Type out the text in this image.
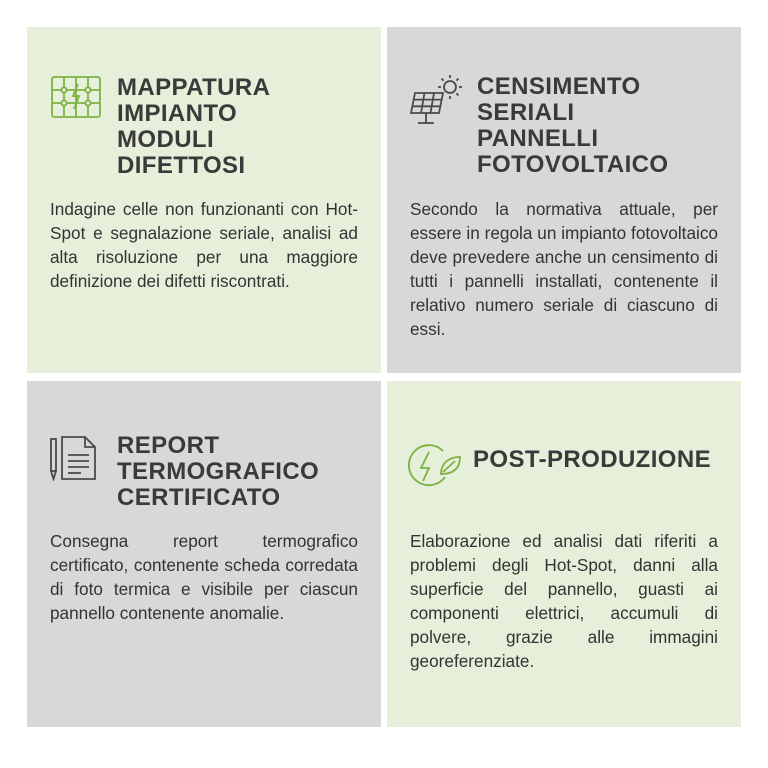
MAPPATURA
IMPIANTO
MODULI
DIFETTOSI

Indagine celle non funzionanti con Hot-Spot e segnalazione seriale, analisi ad alta risoluzione per una maggiore definizione dei difetti riscontrati.

CENSIMENTO
SERIALI
PANNELLI
FOTOVOLTAICO

Secondo la normativa attuale, per essere in regola un impianto fotovoltaico deve prevedere anche un censimento di tutti i pannelli installati, contenente il relativo numero seriale di ciascuno di essi.

REPORT
TERMOGRAFICO
CERTIFICATO

Consegna report termografico certificato, contenente scheda corredata di foto termica e visibile per ciascun pannello contenente anomalie.

POST-PRODUZIONE

Elaborazione ed analisi dati riferiti a problemi degli Hot-Spot, danni alla superficie del pannello, guasti ai componenti elettrici, accumuli di polvere, grazie alle immagini georeferenziate.
